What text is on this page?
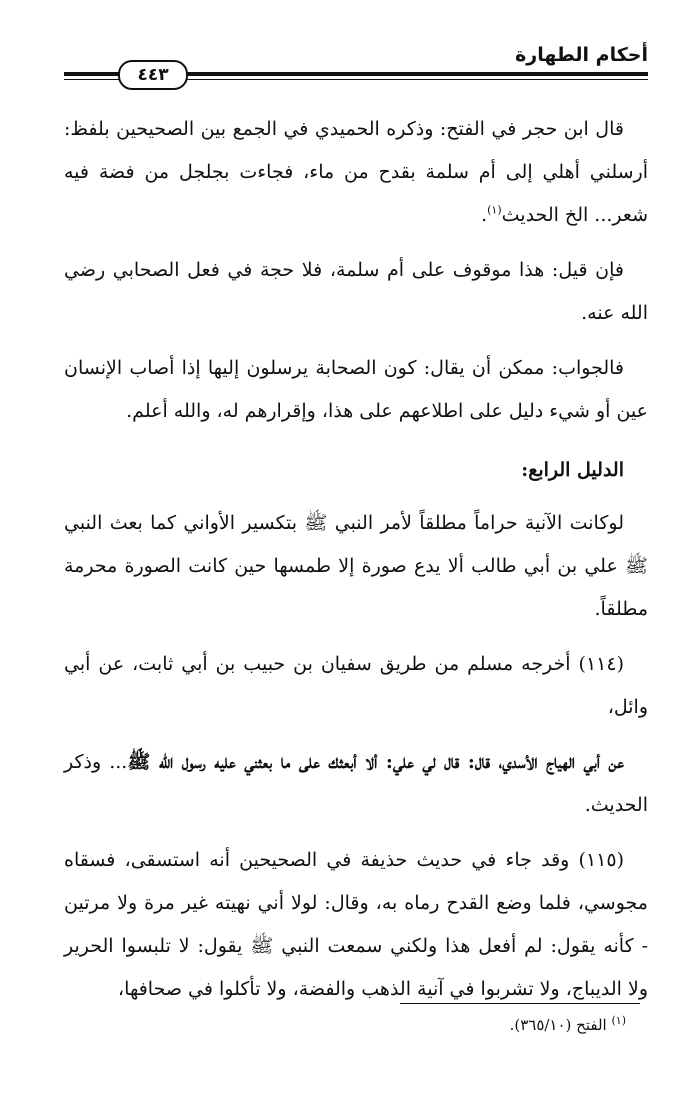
أحكام الطهارة
٤٤٣

قال ابن حجر في الفتح: وذكره الحميدي في الجمع بين الصحيحين بلفظ: أرسلني أهلي إلى أم سلمة بقدح من ماء، فجاءت بجلجل من فضة فيه شعر... الخ الحديث$^{(١)}$.

فإن قيل: هذا موقوف على أم سلمة، فلا حجة في فعل الصحابي رضي الله عنه.

فالجواب: ممكن أن يقال: كون الصحابة يرسلون إليها إذا أصاب الإنسان عين أو شيء دليل على اطلاعهم على هذا، وإقرارهم له، والله أعلم.

الدليل الرابع:

لوكانت الآنية حراماً مطلقاً لأمر النبي ﷺ بتكسير الأواني كما بعث النبي ﷺ علي بن أبي طالب ألا يدع صورة إلا طمسها حين كانت الصورة محرمة مطلقاً.

(١١٤) أخرجه مسلم من طريق سفيان بن حبيب بن أبي ثابت، عن أبي وائل،

عن أبي الهياج الأسدي، قال: قال لي علي: ألا أبعثك على ما بعثني عليه رسول الله ﷺ... وذكر الحديث.

(١١٥) وقد جاء في حديث حذيفة في الصحيحين أنه استسقى، فسقاه مجوسي، فلما وضع القدح رماه به، وقال: لولا أني نهيته غير مرة ولا مرتين - كأنه يقول: لم أفعل هذا ولكني سمعت النبي ﷺ يقول: لا تلبسوا الحرير ولا الديباج، ولا تشربوا في آنية الذهب والفضة، ولا تأكلوا في صحافها،

$^{(١)}$ الفتح (٣٦٥/١٠).
